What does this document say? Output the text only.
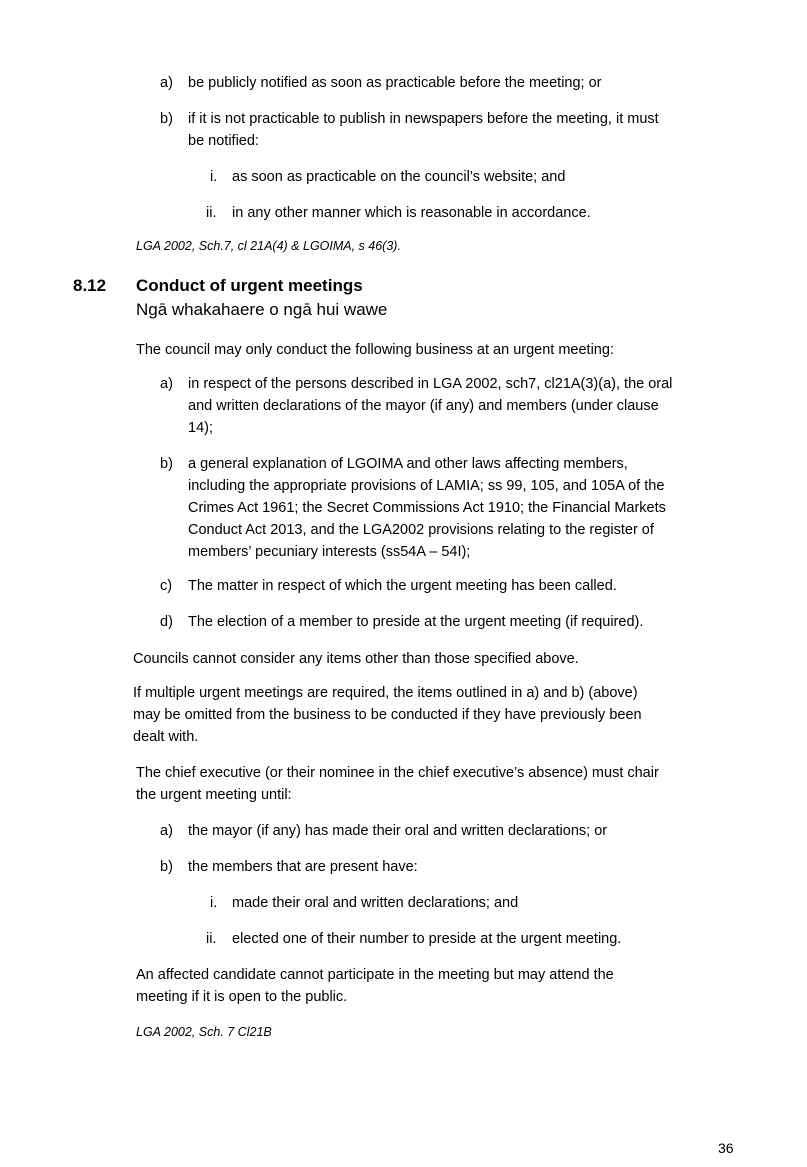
a) be publicly notified as soon as practicable before the meeting; or
b) if it is not practicable to publish in newspapers before the meeting, it must
be notified:
i. as soon as practicable on the council’s website; and
ii. in any other manner which is reasonable in accordance.
LGA 2002, Sch.7, cl 21A(4) & LGOIMA, s 46(3).
8.12 Conduct of urgent meetings
Ngā whakahaere o ngā hui wawe
The council may only conduct the following business at an urgent meeting:
a) in respect of the persons described in LGA 2002, sch7, cl21A(3)(a), the oral
and written declarations of the mayor (if any) and members (under clause
14);
b) a general explanation of LGOIMA and other laws affecting members,
including the appropriate provisions of LAMIA; ss 99, 105, and 105A of the
Crimes Act 1961; the Secret Commissions Act 1910; the Financial Markets
Conduct Act 2013, and the LGA2002 provisions relating to the register of
members’ pecuniary interests (ss54A – 54I);
c) The matter in respect of which the urgent meeting has been called.
d) The election of a member to preside at the urgent meeting (if required).
Councils cannot consider any items other than those specified above.
If multiple urgent meetings are required, the items outlined in a) and b) (above)
may be omitted from the business to be conducted if they have previously been
dealt with.
The chief executive (or their nominee in the chief executive’s absence) must chair
the urgent meeting until:
a) the mayor (if any) has made their oral and written declarations; or
b) the members that are present have:
i. made their oral and written declarations; and
ii. elected one of their number to preside at the urgent meeting.
An affected candidate cannot participate in the meeting but may attend the
meeting if it is open to the public.
LGA 2002, Sch. 7 Cl21B
36
